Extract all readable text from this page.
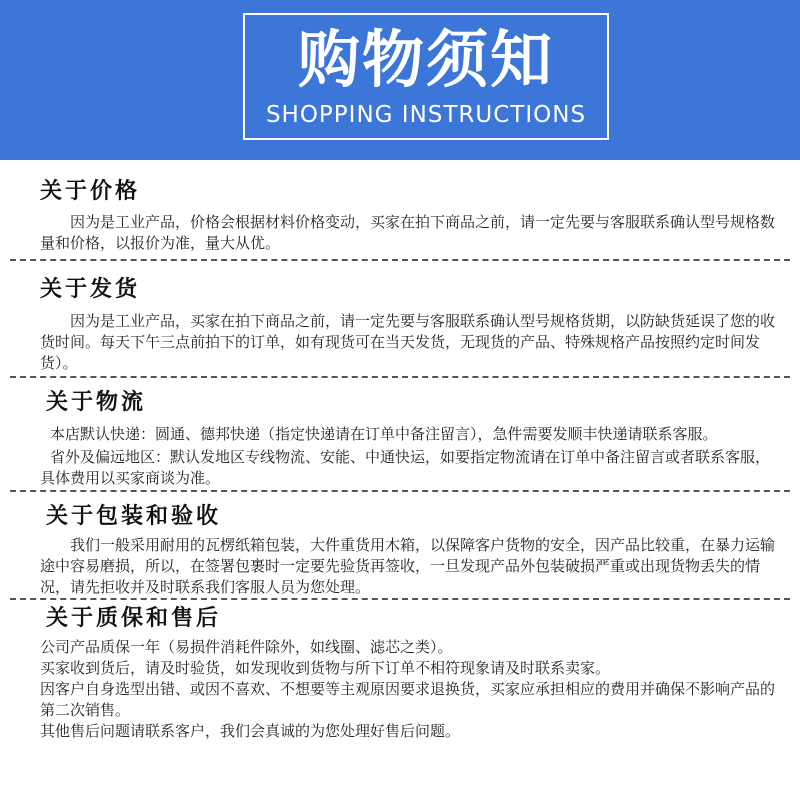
购物须知
SHOPPING INSTRUCTIONS
关于价格

因为是工业产品，价格会根据材料价格变动，买家在拍下商品之前，请一定先要与客服联系确认型号规格数量和价格，以报价为准，量大从优。

关于发货

因为是工业产品，买家在拍下商品之前，请一定先要与客服联系确认型号规格货期，以防缺货延误了您的收货时间。每天下午三点前拍下的订单，如有现货可在当天发货，无现货的产品、特殊规格产品按照约定时间发货）。

关于物流

本店默认快递：圆通、德邦快递（指定快递请在订单中备注留言），急件需要发顺丰快递请联系客服。

省外及偏远地区：默认发地区专线物流、安能、中通快运，如要指定物流请在订单中备注留言或者联系客服，具体费用以买家商谈为准。

关于包装和验收

我们一般采用耐用的瓦楞纸箱包装，大件重货用木箱，以保障客户货物的安全，因产品比较重，在暴力运输途中容易磨损，所以，在签署包裹时一定要先验货再签收，一旦发现产品外包装破损严重或出现货物丢失的情况，请先拒收并及时联系我们客服人员为您处理。

关于质保和售后

公司产品质保一年（易损件消耗件除外，如线圈、滤芯之类）。

买家收到货后，请及时验货，如发现收到货物与所下订单不相符现象请及时联系卖家。

因客户自身选型出错、或因不喜欢、不想要等主观原因要求退换货，买家应承担相应的费用并确保不影响产品的第二次销售。

其他售后问题请联系客户，我们会真诚的为您处理好售后问题。
